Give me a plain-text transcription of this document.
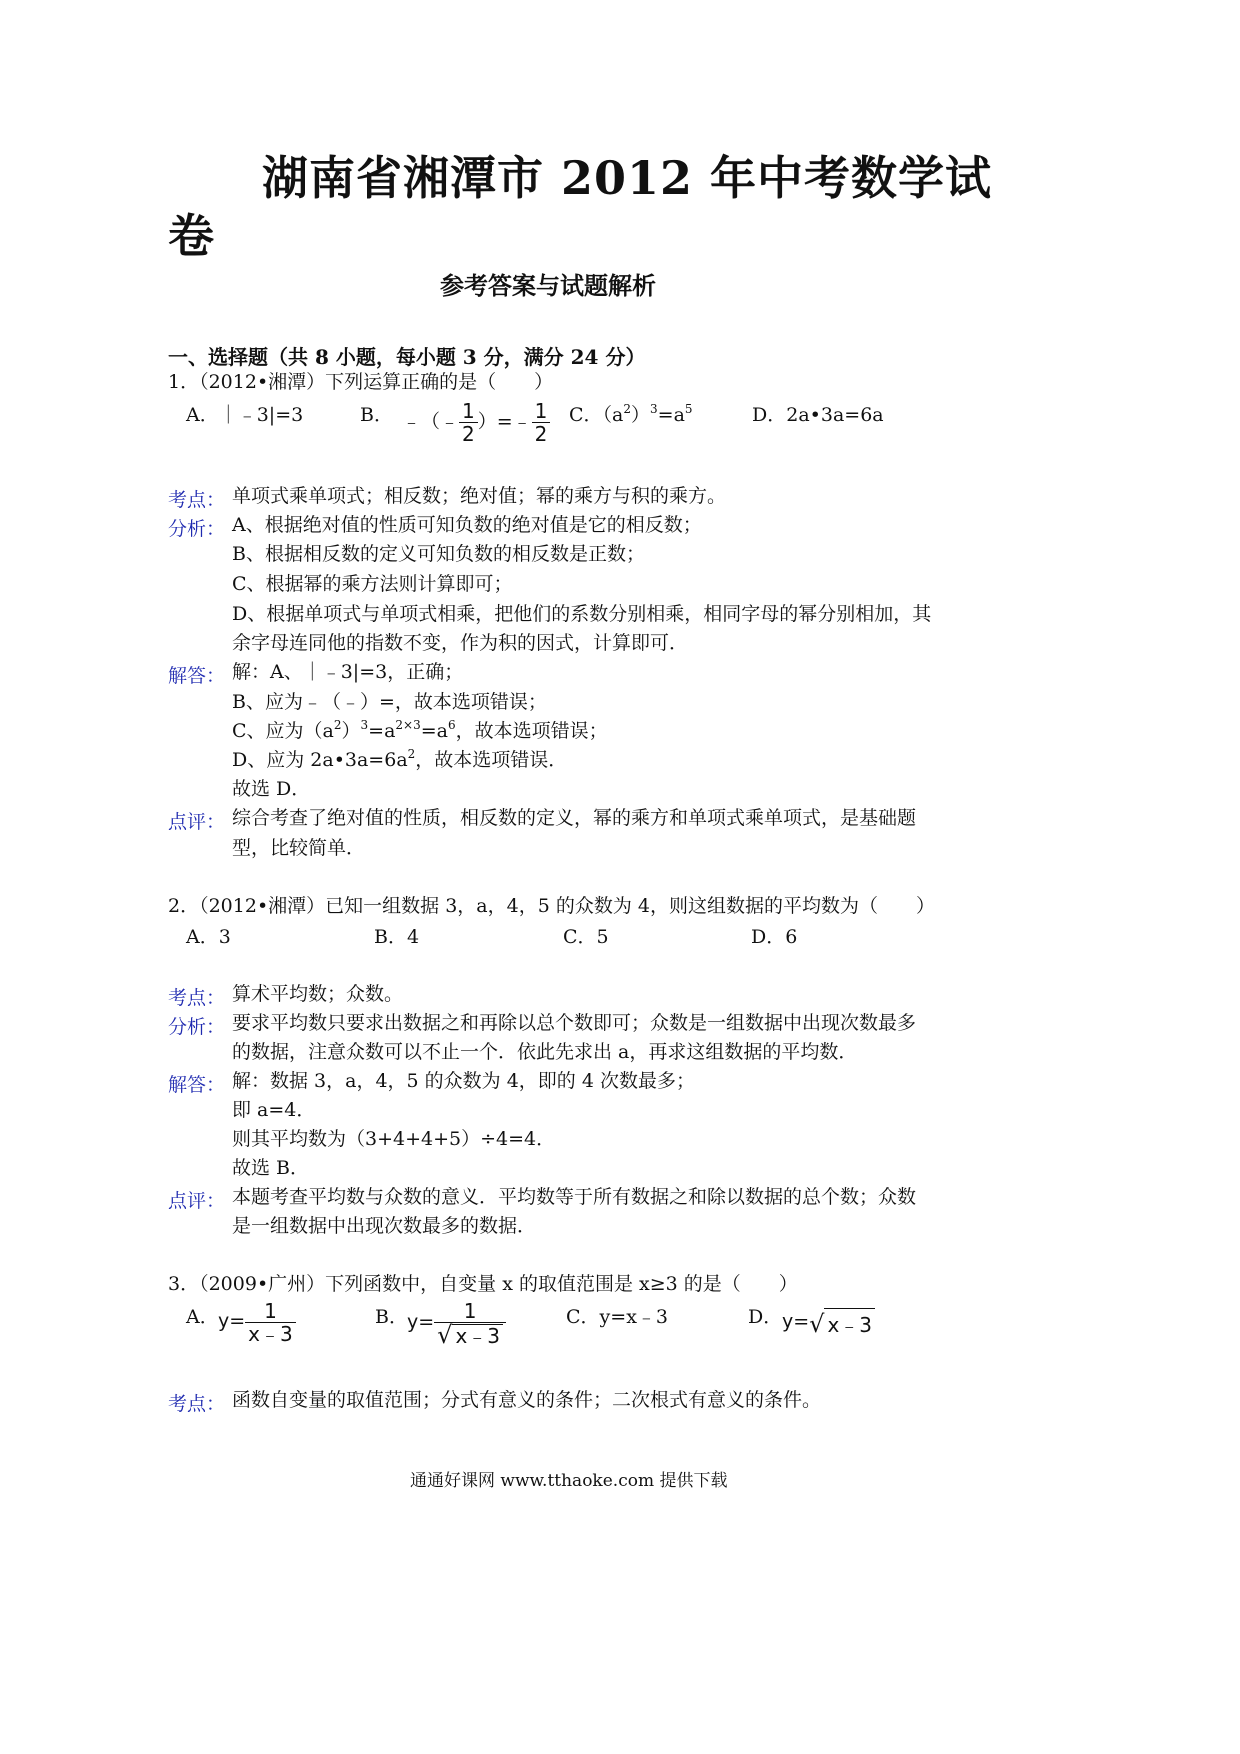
湖南省湘潭市 2012 年中考数学试
卷
参考答案与试题解析
一、选择题（共 8 小题，每小题 3 分，满分 24 分）
1．（2012•湘潭）下列运算正确的是（　　）
A．｜﹣3|=3	B． ﹣（﹣ $\frac{1}{2}$ ）=﹣ $\frac{1}{2}$ C．$(a^2)^3=a^5$	D．2a•3a=6a
考点： 单项式乘单项式；相反数；绝对值；幂的乘方与积的乘方。
分析： A、根据绝对值的性质可知负数的绝对值是它的相反数；
B、根据相反数的定义可知负数的相反数是正数；
C、根据幂的乘方法则计算即可；
D、根据单项式与单项式相乘，把他们的系数分别相乘，相同字母的幂分别相加，其
余字母连同他的指数不变，作为积的因式，计算即可．
解答： 解：A、｜﹣3|=3，正确；
B、应为﹣（﹣）=，故本选项错误；
C、应为$(a^2)^3=a^{2\times 3}=a^6$，故本选项错误；
D、应为 $2a•3a=6a^2$，故本选项错误．
故选 D．
点评： 综合考查了绝对值的性质，相反数的定义，幂的乘方和单项式乘单项式，是基础题
型，比较简单．
2．（2012•湘潭）已知一组数据 3，a，4，5 的众数为 4，则这组数据的平均数为（　　）
A．3	B．4	C．5	D．6
考点： 算术平均数；众数。
分析： 要求平均数只要求出数据之和再除以总个数即可；众数是一组数据中出现次数最多
的数据，注意众数可以不止一个．依此先求出 a，再求这组数据的平均数．
解答： 解：数据 3，a，4，5 的众数为 4，即的 4 次数最多；
即 a=4．
则其平均数为（3+4+4+5）÷4=4．
故选 B．
点评： 本题考查平均数与众数的意义．平均数等于所有数据之和除以数据的总个数；众数
是一组数据中出现次数最多的数据．
3．（2009•广州）下列函数中，自变量 x 的取值范围是 x≥3 的是（　　）
A． $y= \frac{1}{x﹣3}$	B． $y= \frac{1}{√ x﹣3}$	C．y=x﹣3	D． y=√ x﹣3
考点： 函数自变量的取值范围；分式有意义的条件；二次根式有意义的条件。
通通好课网 www.tthaoke.com 提供下载
